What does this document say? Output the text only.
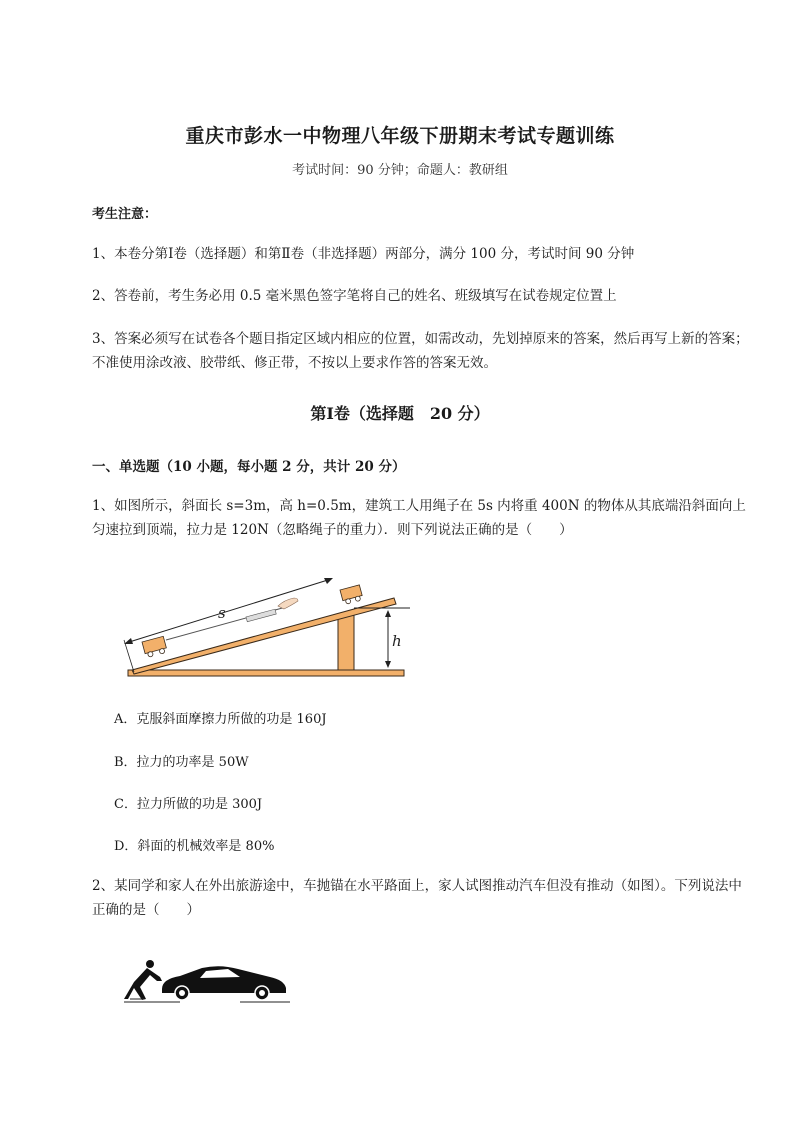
重庆市彭水一中物理八年级下册期末考试专题训练
考试时间：90 分钟；命题人：教研组
考生注意：
1、本卷分第Ⅰ卷（选择题）和第Ⅱ卷（非选择题）两部分，满分 100 分，考试时间 90 分钟
2、答卷前，考生务必用 0.5 毫米黑色签字笔将自己的姓名、班级填写在试卷规定位置上
3、答案必须写在试卷各个题目指定区域内相应的位置，如需改动，先划掉原来的答案，然后再写上新的答案；不准使用涂改液、胶带纸、修正带，不按以上要求作答的答案无效。
第Ⅰ卷（选择题　20 分）
一、单选题（10 小题，每小题 2 分，共计 20 分）
1、如图所示，斜面长 s=3m，高 h=0.5m，建筑工人用绳子在 5s 内将重 400N 的物体从其底端沿斜面向上匀速拉到顶端，拉力是 120N（忽略绳子的重力）．则下列说法正确的是（　　）
h
s
A．克服斜面摩擦力所做的功是 160J
B．拉力的功率是 50W
C．拉力所做的功是 300J
D．斜面的机械效率是 80%
2、某同学和家人在外出旅游途中，车抛锚在水平路面上，家人试图推动汽车但没有推动（如图）。下列说法中正确的是（　　）
